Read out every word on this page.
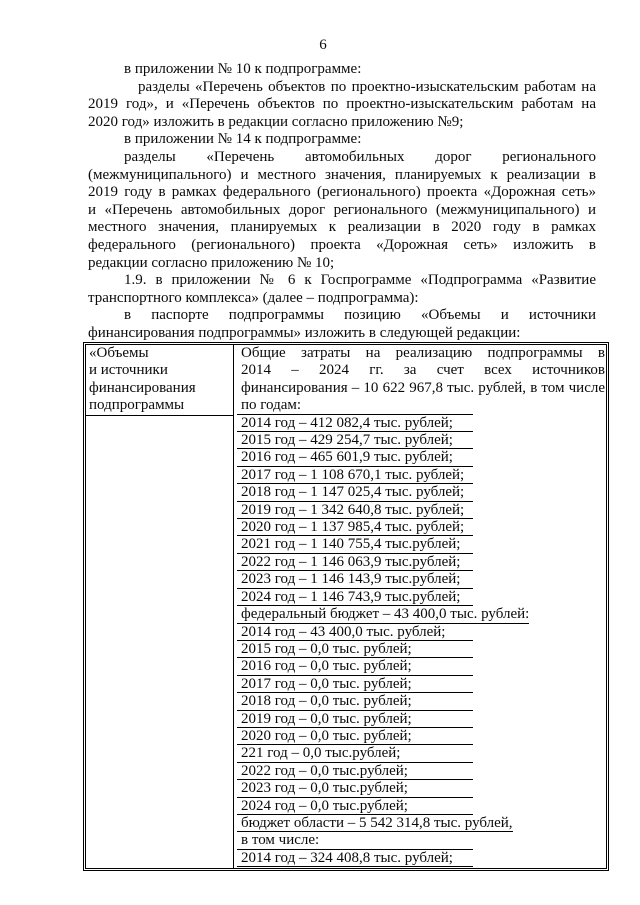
6
в приложении № 10 к подпрограмме:
разделы «Перечень объектов по проектно-изыскательским работам на
2019 год», и «Перечень объектов по проектно-изыскательским работам на
2020 год» изложить в редакции согласно приложению №9;
в приложении № 14 к подпрограмме:
разделы «Перечень автомобильных дорог регионального
(межмуниципального) и местного значения, планируемых к реализации в
2019 году в рамках федерального (регионального) проекта «Дорожная сеть»
и «Перечень автомобильных дорог регионального (межмуниципального) и
местного значения, планируемых к реализации в 2020 году в рамках
федерального (регионального) проекта «Дорожная сеть» изложить в
редакции согласно приложению № 10;
1.9. в приложении № 6 к Госпрограмме «Подпрограмма «Развитие
транспортного комплекса» (далее – подпрограмма):
в паспорте подпрограммы позицию «Объемы и источники
финансирования подпрограммы» изложить в следующей редакции:
«Объемы
и источники
финансирования
подпрограммы
Общие затраты на реализацию подпрограммы в
2014 – 2024 гг. за счет всех источников
финансирования – 10 622 967,8 тыс. рублей, в том числе
по годам:
2014 год – 412 082,4 тыс. рублей;
2015 год – 429 254,7 тыс. рублей;
2016 год – 465 601,9 тыс. рублей;
2017 год – 1 108 670,1 тыс. рублей;
2018 год – 1 147 025,4 тыс. рублей;
2019 год – 1 342 640,8 тыс. рублей;
2020 год – 1 137 985,4 тыс. рублей;
2021 год – 1 140 755,4 тыс.рублей;
2022 год – 1 146 063,9 тыс.рублей;
2023 год – 1 146 143,9 тыс.рублей;
2024 год – 1 146 743,9 тыс.рублей;
федеральный бюджет – 43 400,0 тыс. рублей:
2014 год – 43 400,0 тыс. рублей;
2015 год – 0,0 тыс. рублей;
2016 год – 0,0 тыс. рублей;
2017 год – 0,0 тыс. рублей;
2018 год – 0,0 тыс. рублей;
2019 год – 0,0 тыс. рублей;
2020 год – 0,0 тыс. рублей;
221 год – 0,0 тыс.рублей;
2022 год – 0,0 тыс.рублей;
2023 год – 0,0 тыс.рублей;
2024 год – 0,0 тыс.рублей;
бюджет области – 5 542 314,8 тыс. рублей,
в том числе:
2014 год – 324 408,8 тыс. рублей;
